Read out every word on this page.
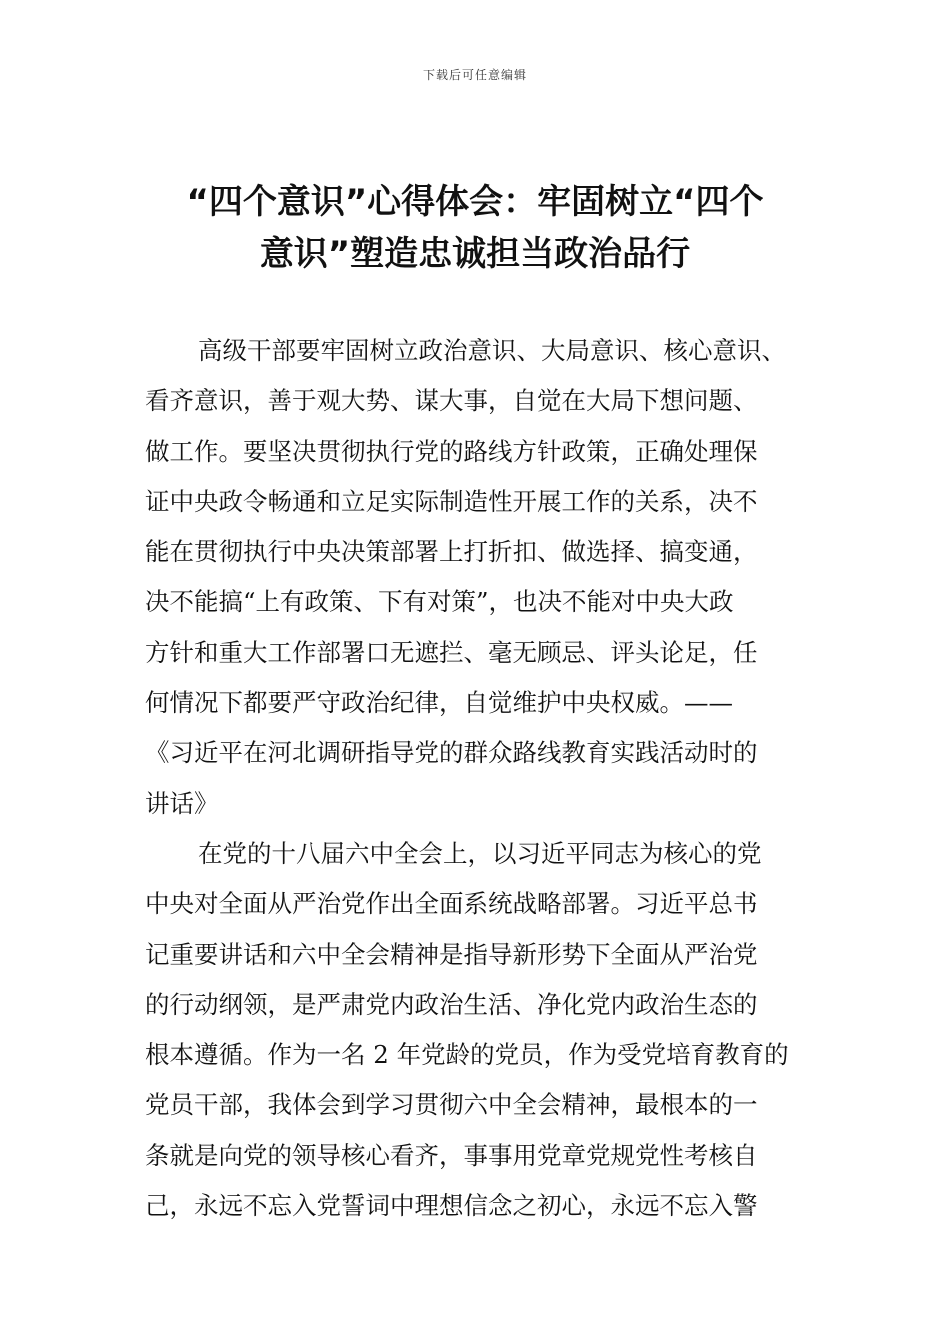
下载后可任意编辑
“四个意识”心得体会：牢固树立“四个
意识”塑造忠诚担当政治品行
高级干部要牢固树立政治意识、大局意识、核心意识、
看齐意识，善于观大势、谋大事，自觉在大局下想问题、
做工作。要坚决贯彻执行党的路线方针政策，正确处理保
证中央政令畅通和立足实际制造性开展工作的关系，决不
能在贯彻执行中央决策部署上打折扣、做选择、搞变通，
决不能搞“上有政策、下有对策”，也决不能对中央大政
方针和重大工作部署口无遮拦、毫无顾忌、评头论足，任
何情况下都要严守政治纪律，自觉维护中央权威。——
《习近平在河北调研指导党的群众路线教育实践活动时的
讲话》
在党的十八届六中全会上，以习近平同志为核心的党
中央对全面从严治党作出全面系统战略部署。习近平总书
记重要讲话和六中全会精神是指导新形势下全面从严治党
的行动纲领，是严肃党内政治生活、净化党内政治生态的
根本遵循。作为一名 2 年党龄的党员，作为受党培育教育的
党员干部，我体会到学习贯彻六中全会精神，最根本的一
条就是向党的领导核心看齐，事事用党章党规党性考核自
己，永远不忘入党誓词中理想信念之初心，永远不忘入警
